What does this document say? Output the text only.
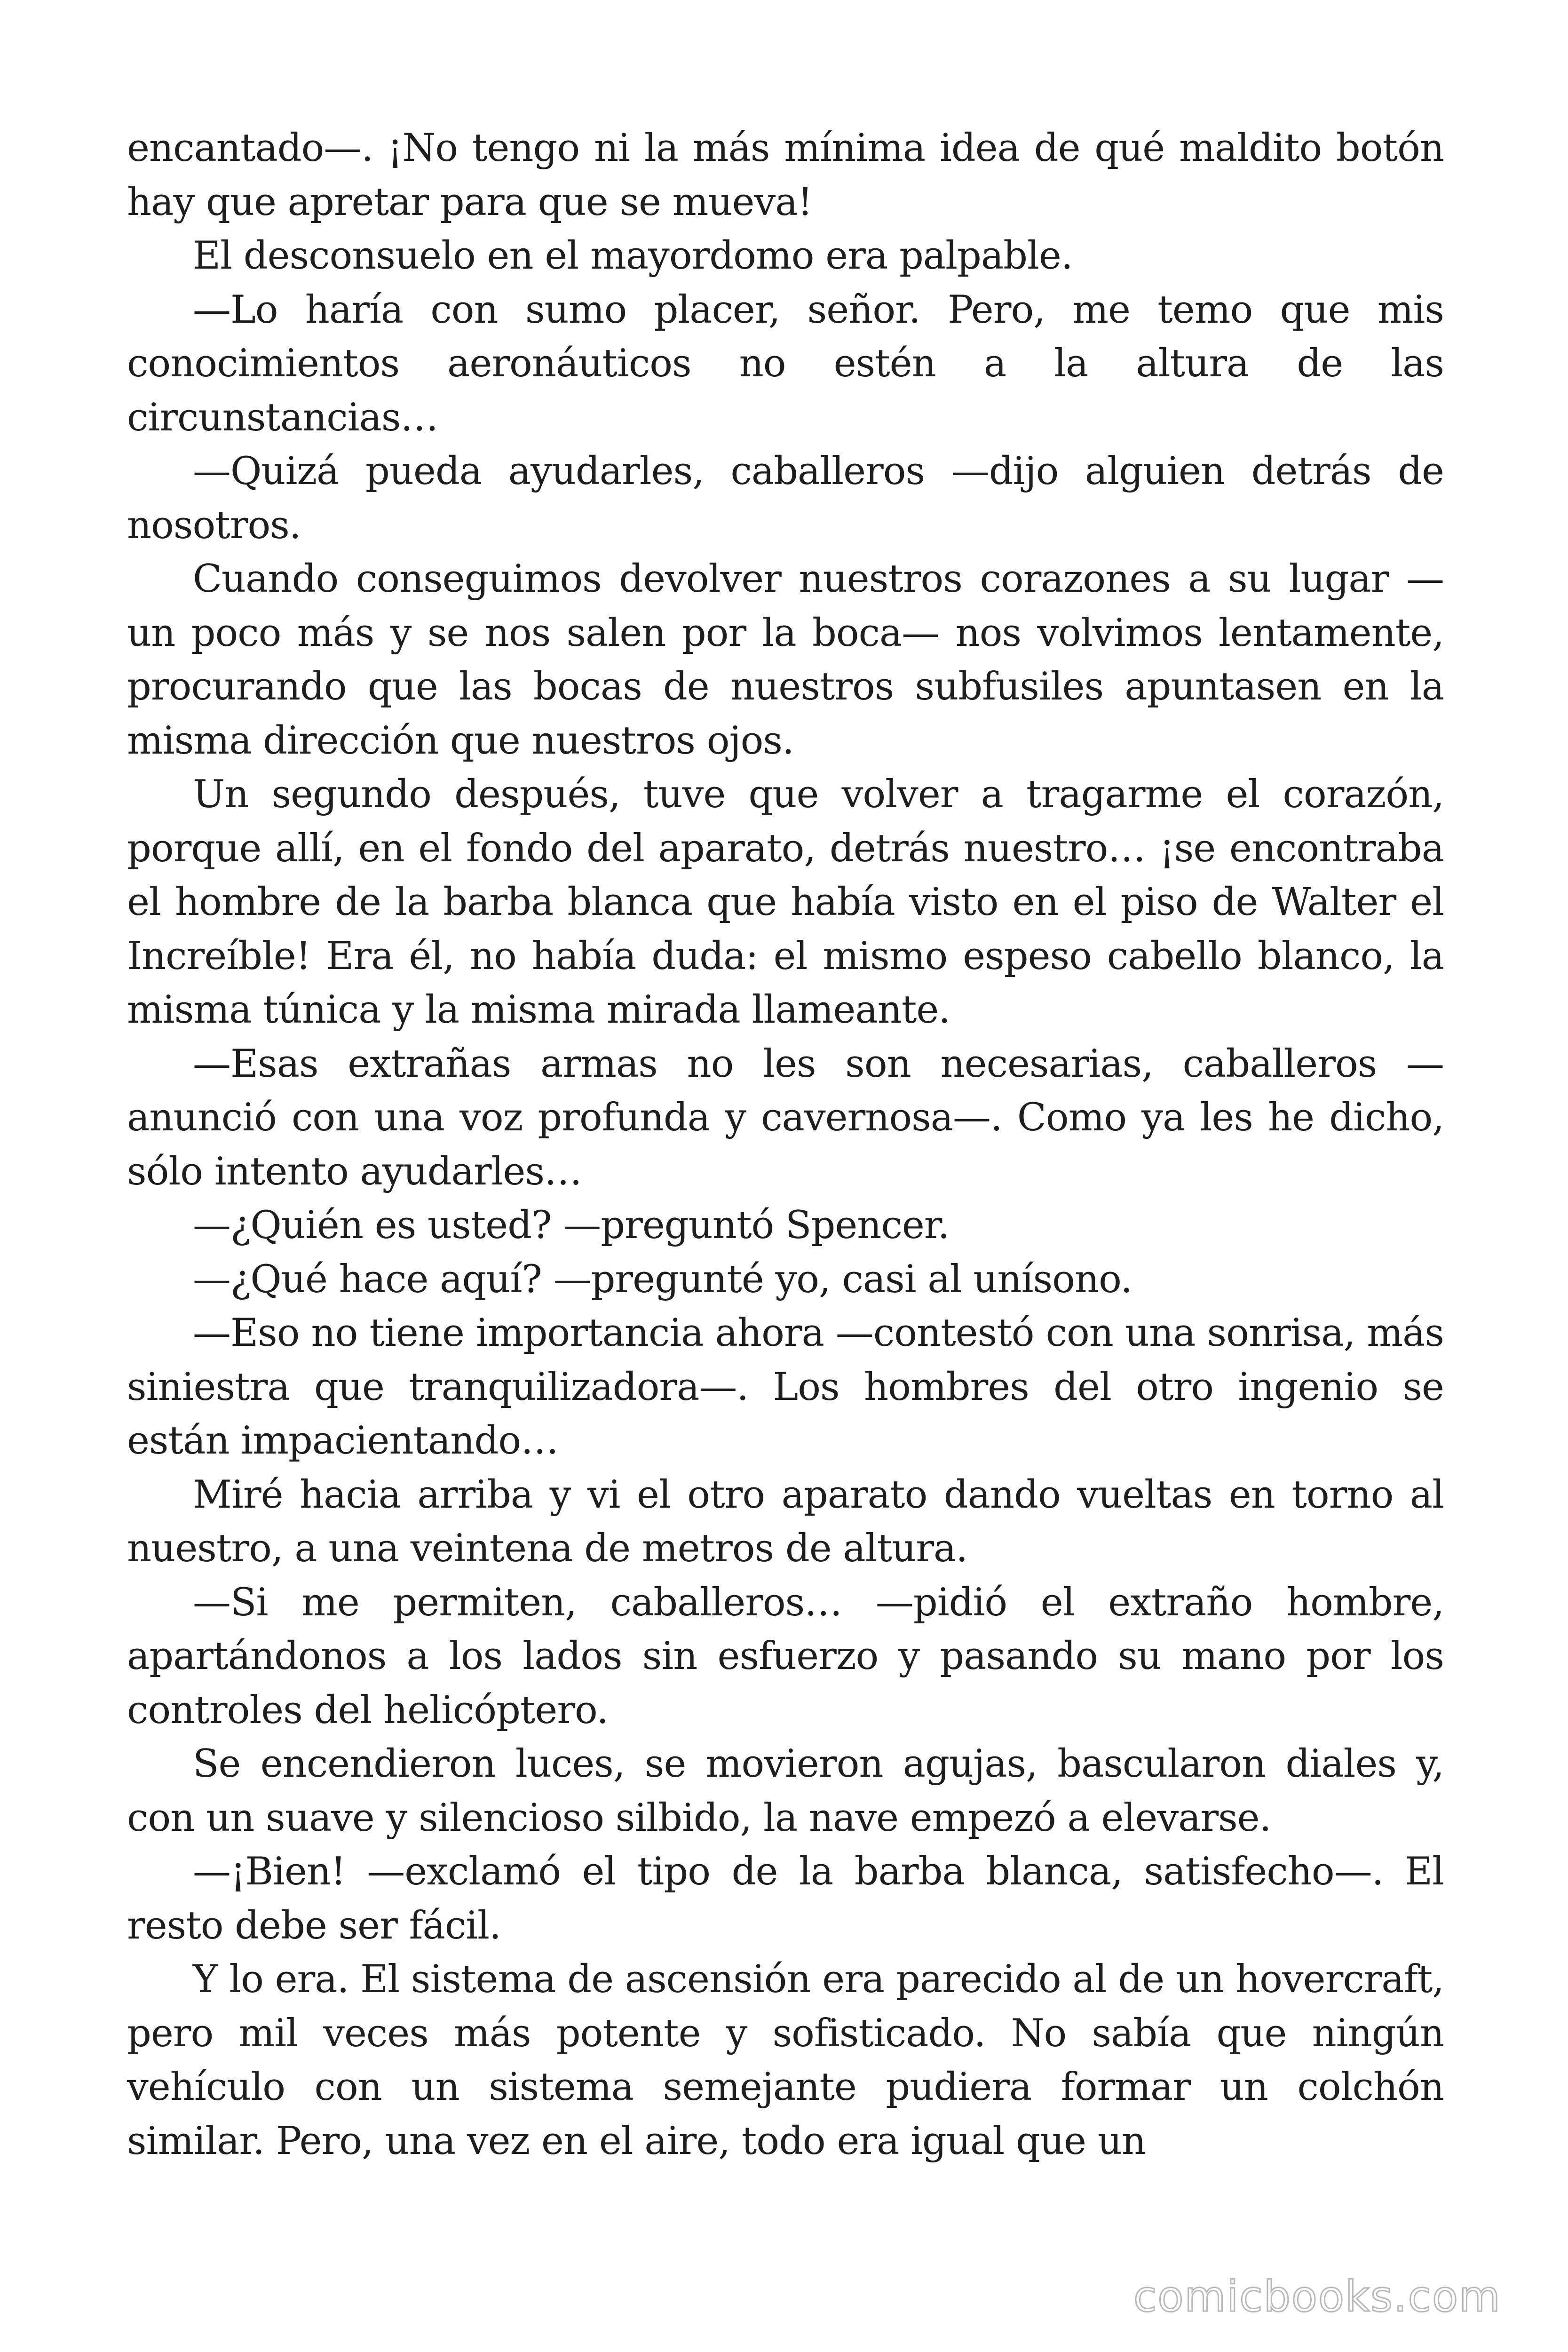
encantado—. ¡No tengo ni la más mínima idea de qué maldito botón hay que apretar para que se mueva!

El desconsuelo en el mayordomo era palpable.

—Lo haría con sumo placer, señor. Pero, me temo que mis conocimientos aeronáuticos no estén a la altura de las circunstancias…

—Quizá pueda ayudarles, caballeros —dijo alguien detrás de nosotros.

Cuando conseguimos devolver nuestros corazones a su lugar — un poco más y se nos salen por la boca— nos volvimos lentamente, procurando que las bocas de nuestros subfusiles apuntasen en la misma dirección que nuestros ojos.

Un segundo después, tuve que volver a tragarme el corazón, porque allí, en el fondo del aparato, detrás nuestro… ¡se encontraba el hombre de la barba blanca que había visto en el piso de Walter el Increíble! Era él, no había duda: el mismo espeso cabello blanco, la misma túnica y la misma mirada llameante.

—Esas extrañas armas no les son necesarias, caballeros — anunció con una voz profunda y cavernosa—. Como ya les he dicho, sólo intento ayudarles…

—¿Quién es usted? —preguntó Spencer.

—¿Qué hace aquí? —pregunté yo, casi al unísono.

—Eso no tiene importancia ahora —contestó con una sonrisa, más siniestra que tranquilizadora—. Los hombres del otro ingenio se están impacientando…

Miré hacia arriba y vi el otro aparato dando vueltas en torno al nuestro, a una veintena de metros de altura.

—Si me permiten, caballeros… —pidió el extraño hombre, apartándonos a los lados sin esfuerzo y pasando su mano por los controles del helicóptero.

Se encendieron luces, se movieron agujas, bascularon diales y, con un suave y silencioso silbido, la nave empezó a elevarse.

—¡Bien! —exclamó el tipo de la barba blanca, satisfecho—. El resto debe ser fácil.

Y lo era. El sistema de ascensión era parecido al de un hovercraft, pero mil veces más potente y sofisticado. No sabía que ningún vehículo con un sistema semejante pudiera formar un colchón similar. Pero, una vez en el aire, todo era igual que un

comicbooks.com
